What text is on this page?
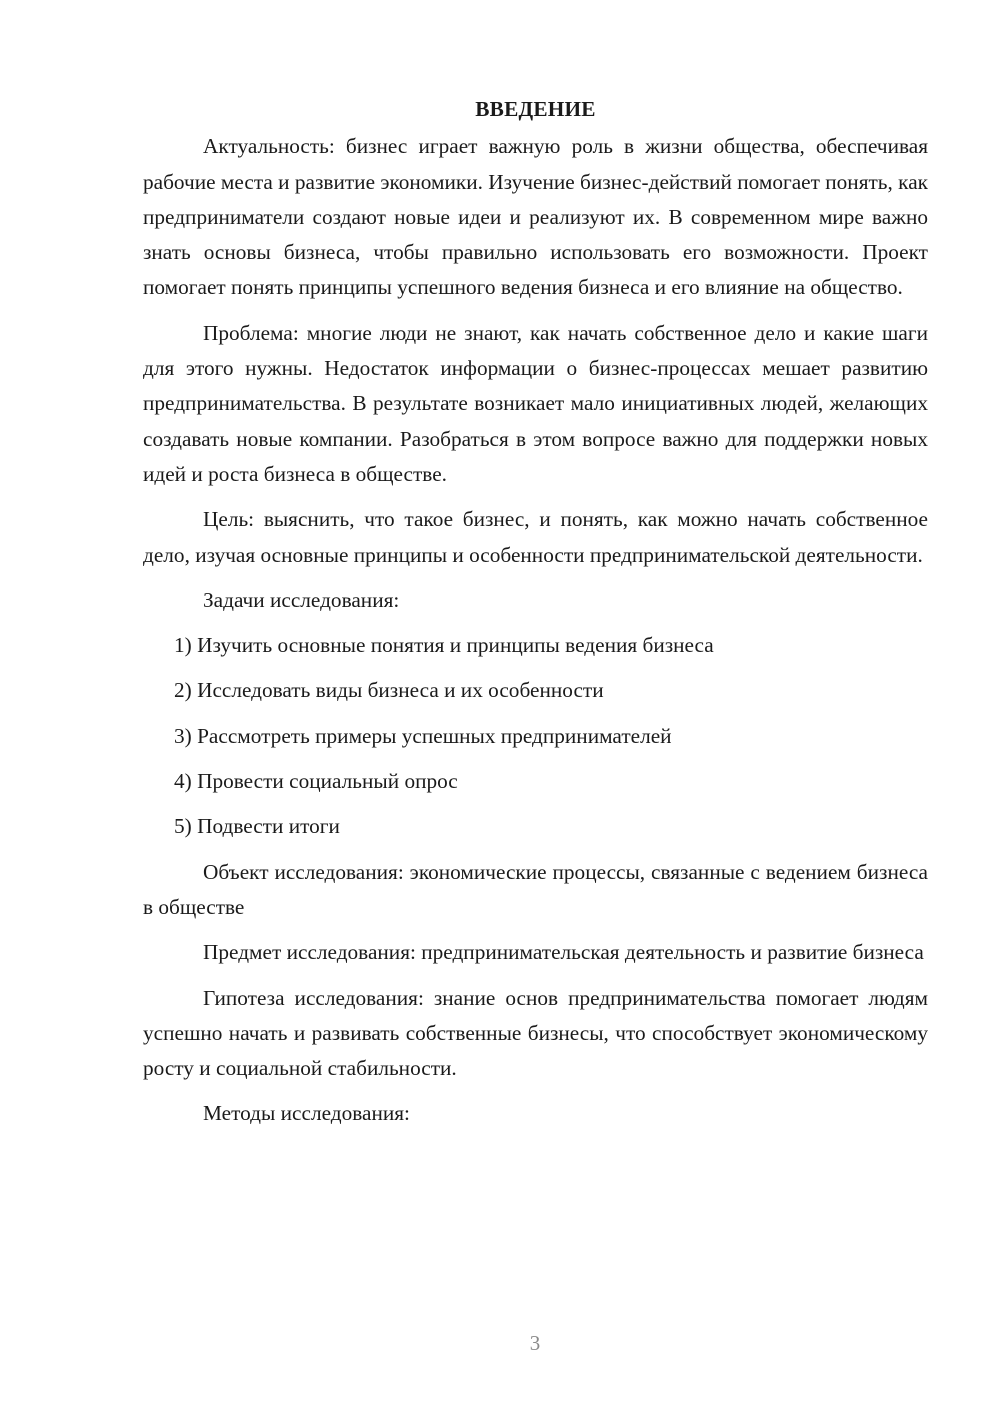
ВВЕДЕНИЕ

Актуальность: бизнес играет важную роль в жизни общества, обеспечивая рабочие места и развитие экономики. Изучение бизнес-действий помогает понять, как предприниматели создают новые идеи и реализуют их. В современном мире важно знать основы бизнеса, чтобы правильно использовать его возможности. Проект помогает понять принципы успешного ведения бизнеса и его влияние на общество.

Проблема: многие люди не знают, как начать собственное дело и какие шаги для этого нужны. Недостаток информации о бизнес-процессах мешает развитию предпринимательства. В результате возникает мало инициативных людей, желающих создавать новые компании. Разобраться в этом вопросе важно для поддержки новых идей и роста бизнеса в обществе.

Цель: выяснить, что такое бизнес, и понять, как можно начать собственное дело, изучая основные принципы и особенности предпринимательской деятельности.

Задачи исследования:

1) Изучить основные понятия и принципы ведения бизнеса
2) Исследовать виды бизнеса и их особенности
3) Рассмотреть примеры успешных предпринимателей
4) Провести социальный опрос
5) Подвести итоги

Объект исследования: экономические процессы, связанные с ведением бизнеса в обществе

Предмет исследования: предпринимательская деятельность и развитие бизнеса

Гипотеза исследования: знание основ предпринимательства помогает людям успешно начать и развивать собственные бизнесы, что способствует экономическому росту и социальной стабильности.

Методы исследования:

3
